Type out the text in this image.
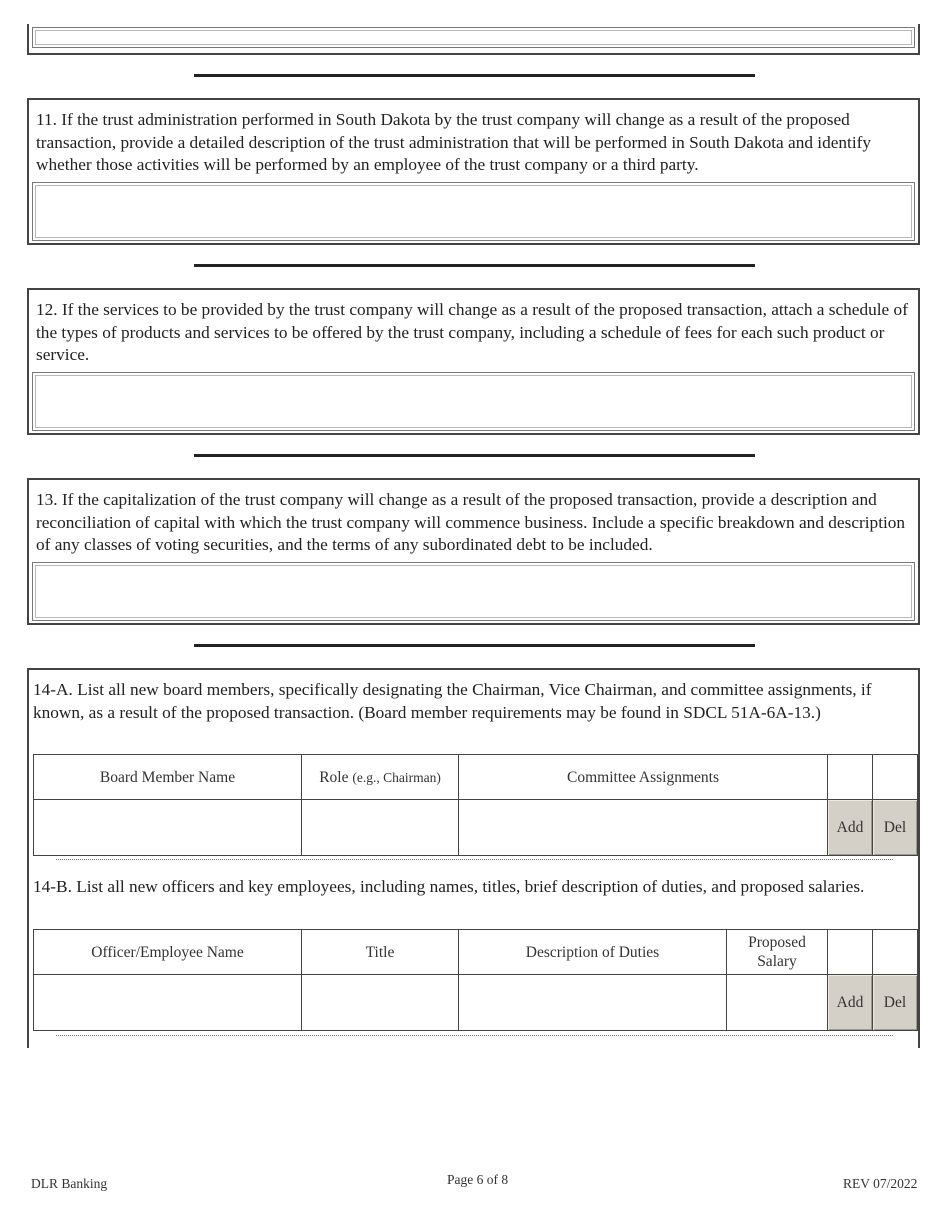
11. If the trust administration performed in South Dakota by the trust company will change as a result of the proposed transaction, provide a detailed description of the trust administration that will be performed in South Dakota and identify whether those activities will be performed by an employee of the trust company or a third party.
12. If the services to be provided by the trust company will change as a result of the proposed transaction, attach a schedule of the types of products and services to be offered by the trust company, including a schedule of fees for each such product or service.
13. If the capitalization of the trust company will change as a result of the proposed transaction, provide a description and reconciliation of capital with which the trust company will commence business. Include a specific breakdown and description of any classes of voting securities, and the terms of any subordinated debt to be included.
14-A. List all new board members, specifically designating the Chairman, Vice Chairman, and committee assignments, if known, as a result of the proposed transaction. (Board member requirements may be found in SDCL 51A-6A-13.)
14-B. List all new officers and key employees, including names, titles, brief description of duties, and proposed salaries.
Board Member Name	Role (e.g., Chairman)	Committee Assignments		
			Add	Del
Officer/Employee Name	Title	Description of Duties	Proposed Salary		
				Add	Del
DLR Banking	Page 6 of 8	REV 07/2022
